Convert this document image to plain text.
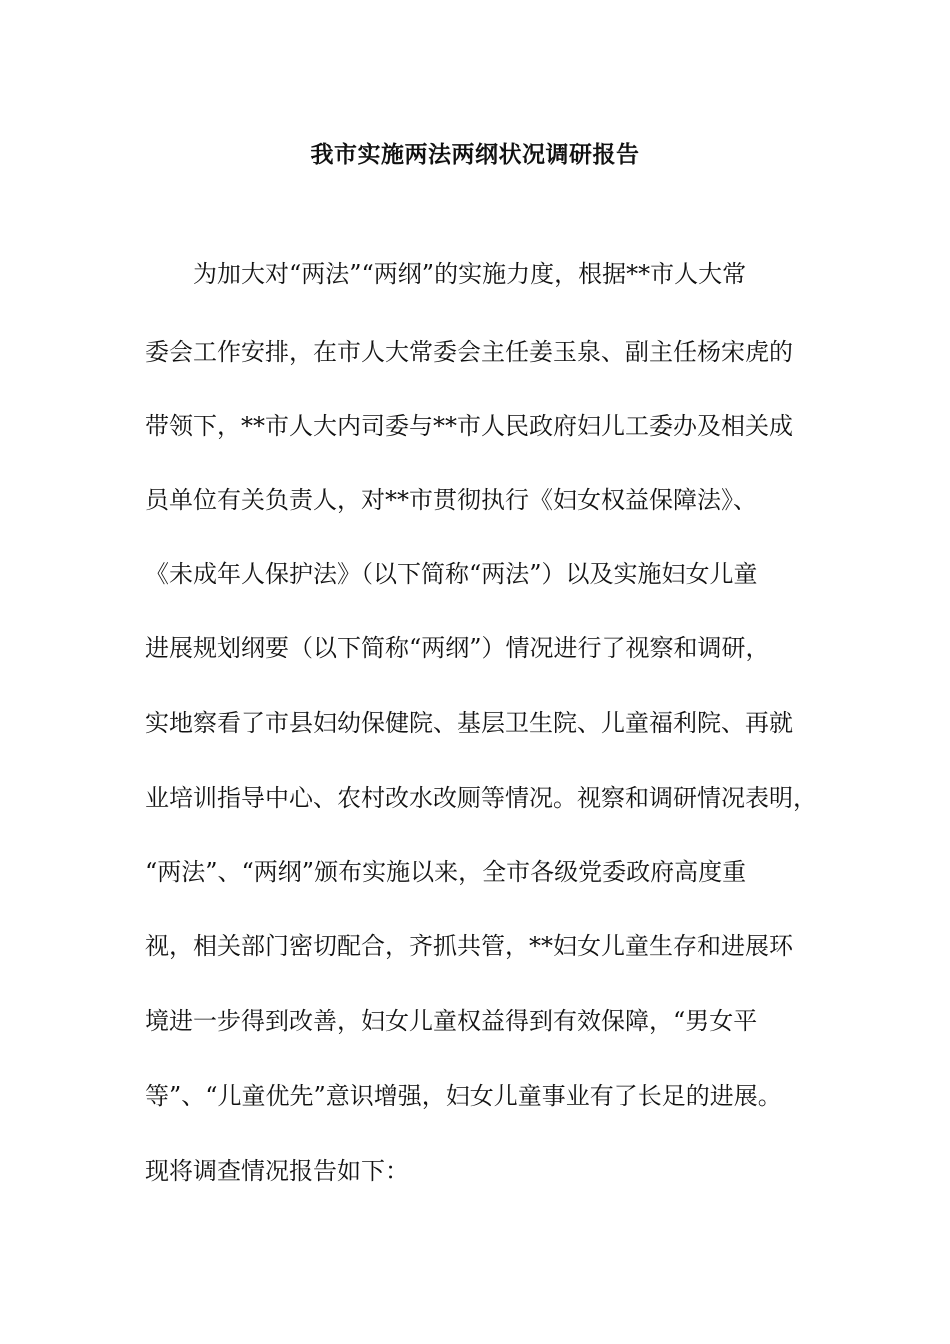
我市实施两法两纲状况调研报告
为加大对“两法”“两纲”的实施力度，根据**市人大常
委会工作安排，在市人大常委会主任姜玉泉、副主任杨宋虎的
带领下，**市人大内司委与**市人民政府妇儿工委办及相关成
员单位有关负责人，对**市贯彻执行《妇女权益保障法》、
《未成年人保护法》（以下简称“两法”）以及实施妇女儿童
进展规划纲要（以下简称“两纲”）情况进行了视察和调研，
实地察看了市县妇幼保健院、基层卫生院、儿童福利院、再就
业培训指导中心、农村改水改厕等情况。视察和调研情况表明，
“两法”、“两纲”颁布实施以来，全市各级党委政府高度重
视，相关部门密切配合，齐抓共管，**妇女儿童生存和进展环
境进一步得到改善，妇女儿童权益得到有效保障，“男女平
等”、“儿童优先”意识增强，妇女儿童事业有了长足的进展。
现将调查情况报告如下：
